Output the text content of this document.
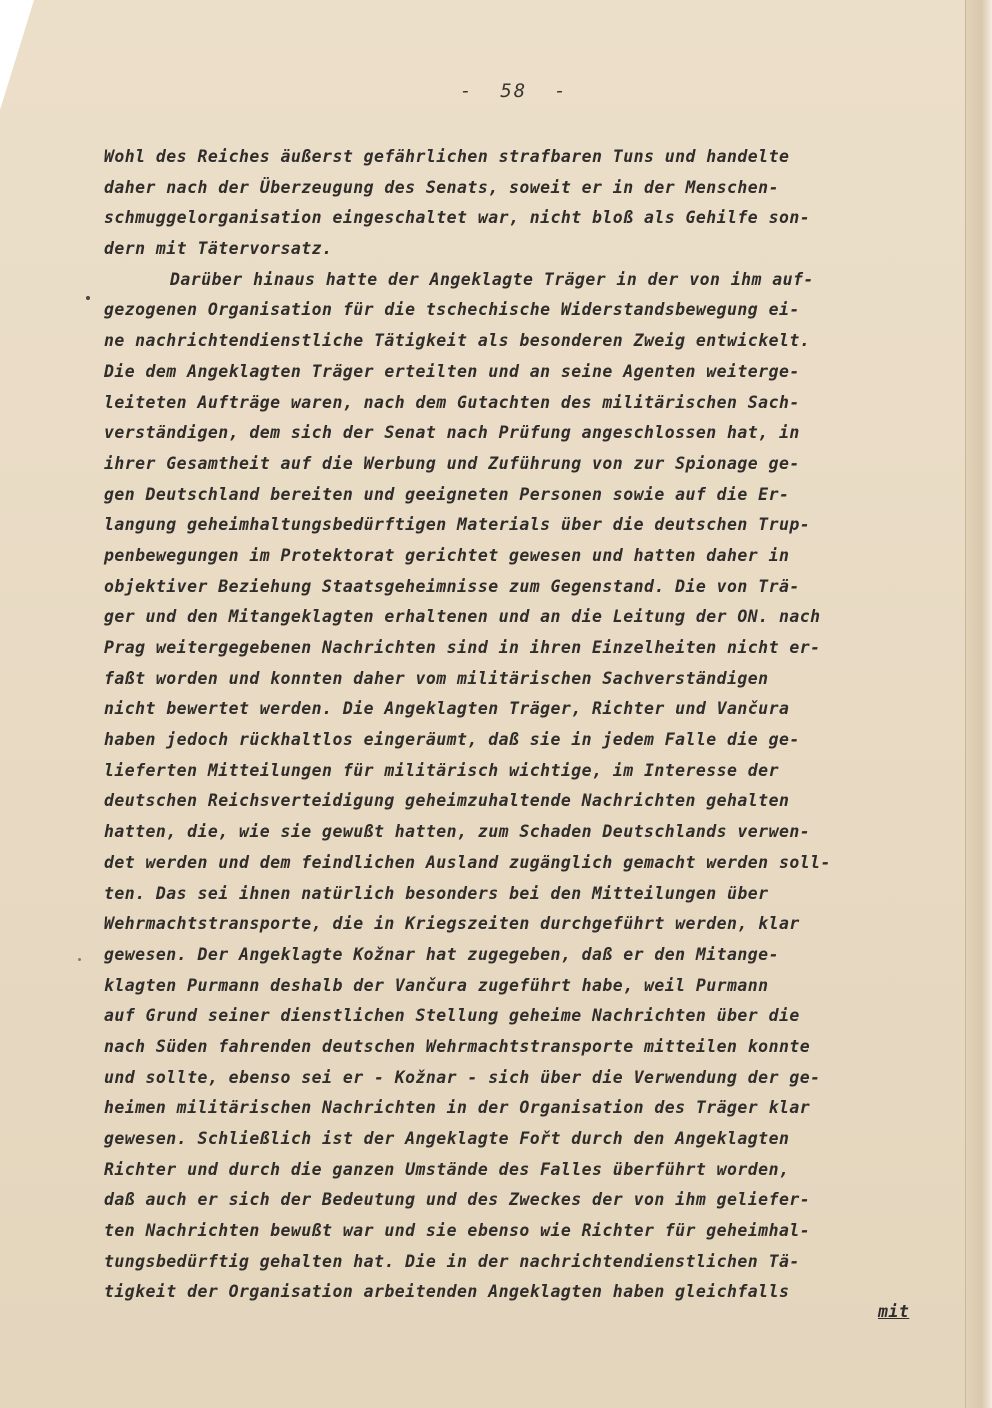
-  58  -
Wohl des Reiches äußerst gefährlichen strafbaren Tuns und handelte
daher nach der Überzeugung des Senats, soweit er in der Menschen-
schmuggelorganisation eingeschaltet war, nicht bloß als Gehilfe son-
dern mit Tätervorsatz.
Darüber hinaus hatte der Angeklagte Träger in der von ihm auf-
gezogenen Organisation für die tschechische Widerstandsbewegung ei-
ne nachrichtendienstliche Tätigkeit als besonderen Zweig entwickelt.
Die dem Angeklagten Träger erteilten und an seine Agenten weiterge-
leiteten Aufträge waren, nach dem Gutachten des militärischen Sach-
verständigen, dem sich der Senat nach Prüfung angeschlossen hat, in
ihrer Gesamtheit auf die Werbung und Zuführung von zur Spionage ge-
gen Deutschland bereiten und geeigneten Personen sowie auf die Er-
langung geheimhaltungsbedürftigen Materials über die deutschen Trup-
penbewegungen im Protektorat gerichtet gewesen und hatten daher in
objektiver Beziehung Staatsgeheimnisse zum Gegenstand. Die von Trä-
ger und den Mitangeklagten erhaltenen und an die Leitung der ON. nach
Prag weitergegebenen Nachrichten sind in ihren Einzelheiten nicht er-
faßt worden und konnten daher vom militärischen Sachverständigen
nicht bewertet werden. Die Angeklagten Träger, Richter und Vančura
haben jedoch rückhaltlos eingeräumt, daß sie in jedem Falle die ge-
lieferten Mitteilungen für militärisch wichtige, im Interesse der
deutschen Reichsverteidigung geheimzuhaltende Nachrichten gehalten
hatten, die, wie sie gewußt hatten, zum Schaden Deutschlands verwen-
det werden und dem feindlichen Ausland zugänglich gemacht werden soll-
ten. Das sei ihnen natürlich besonders bei den Mitteilungen über
Wehrmachtstransporte, die in Kriegszeiten durchgeführt werden, klar
gewesen. Der Angeklagte Kožnar hat zugegeben, daß er den Mitange-
klagten Purmann deshalb der Vančura zugeführt habe, weil Purmann
auf Grund seiner dienstlichen Stellung geheime Nachrichten über die
nach Süden fahrenden deutschen Wehrmachtstransporte mitteilen konnte
und sollte, ebenso sei er - Kožnar - sich über die Verwendung der ge-
heimen militärischen Nachrichten in der Organisation des Träger klar
gewesen. Schließlich ist der Angeklagte Fořt durch den Angeklagten
Richter und durch die ganzen Umstände des Falles überführt worden,
daß auch er sich der Bedeutung und des Zweckes der von ihm geliefer-
ten Nachrichten bewußt war und sie ebenso wie Richter für geheimhal-
tungsbedürftig gehalten hat. Die in der nachrichtendienstlichen Tä-
tigkeit der Organisation arbeitenden Angeklagten haben gleichfalls
mit
